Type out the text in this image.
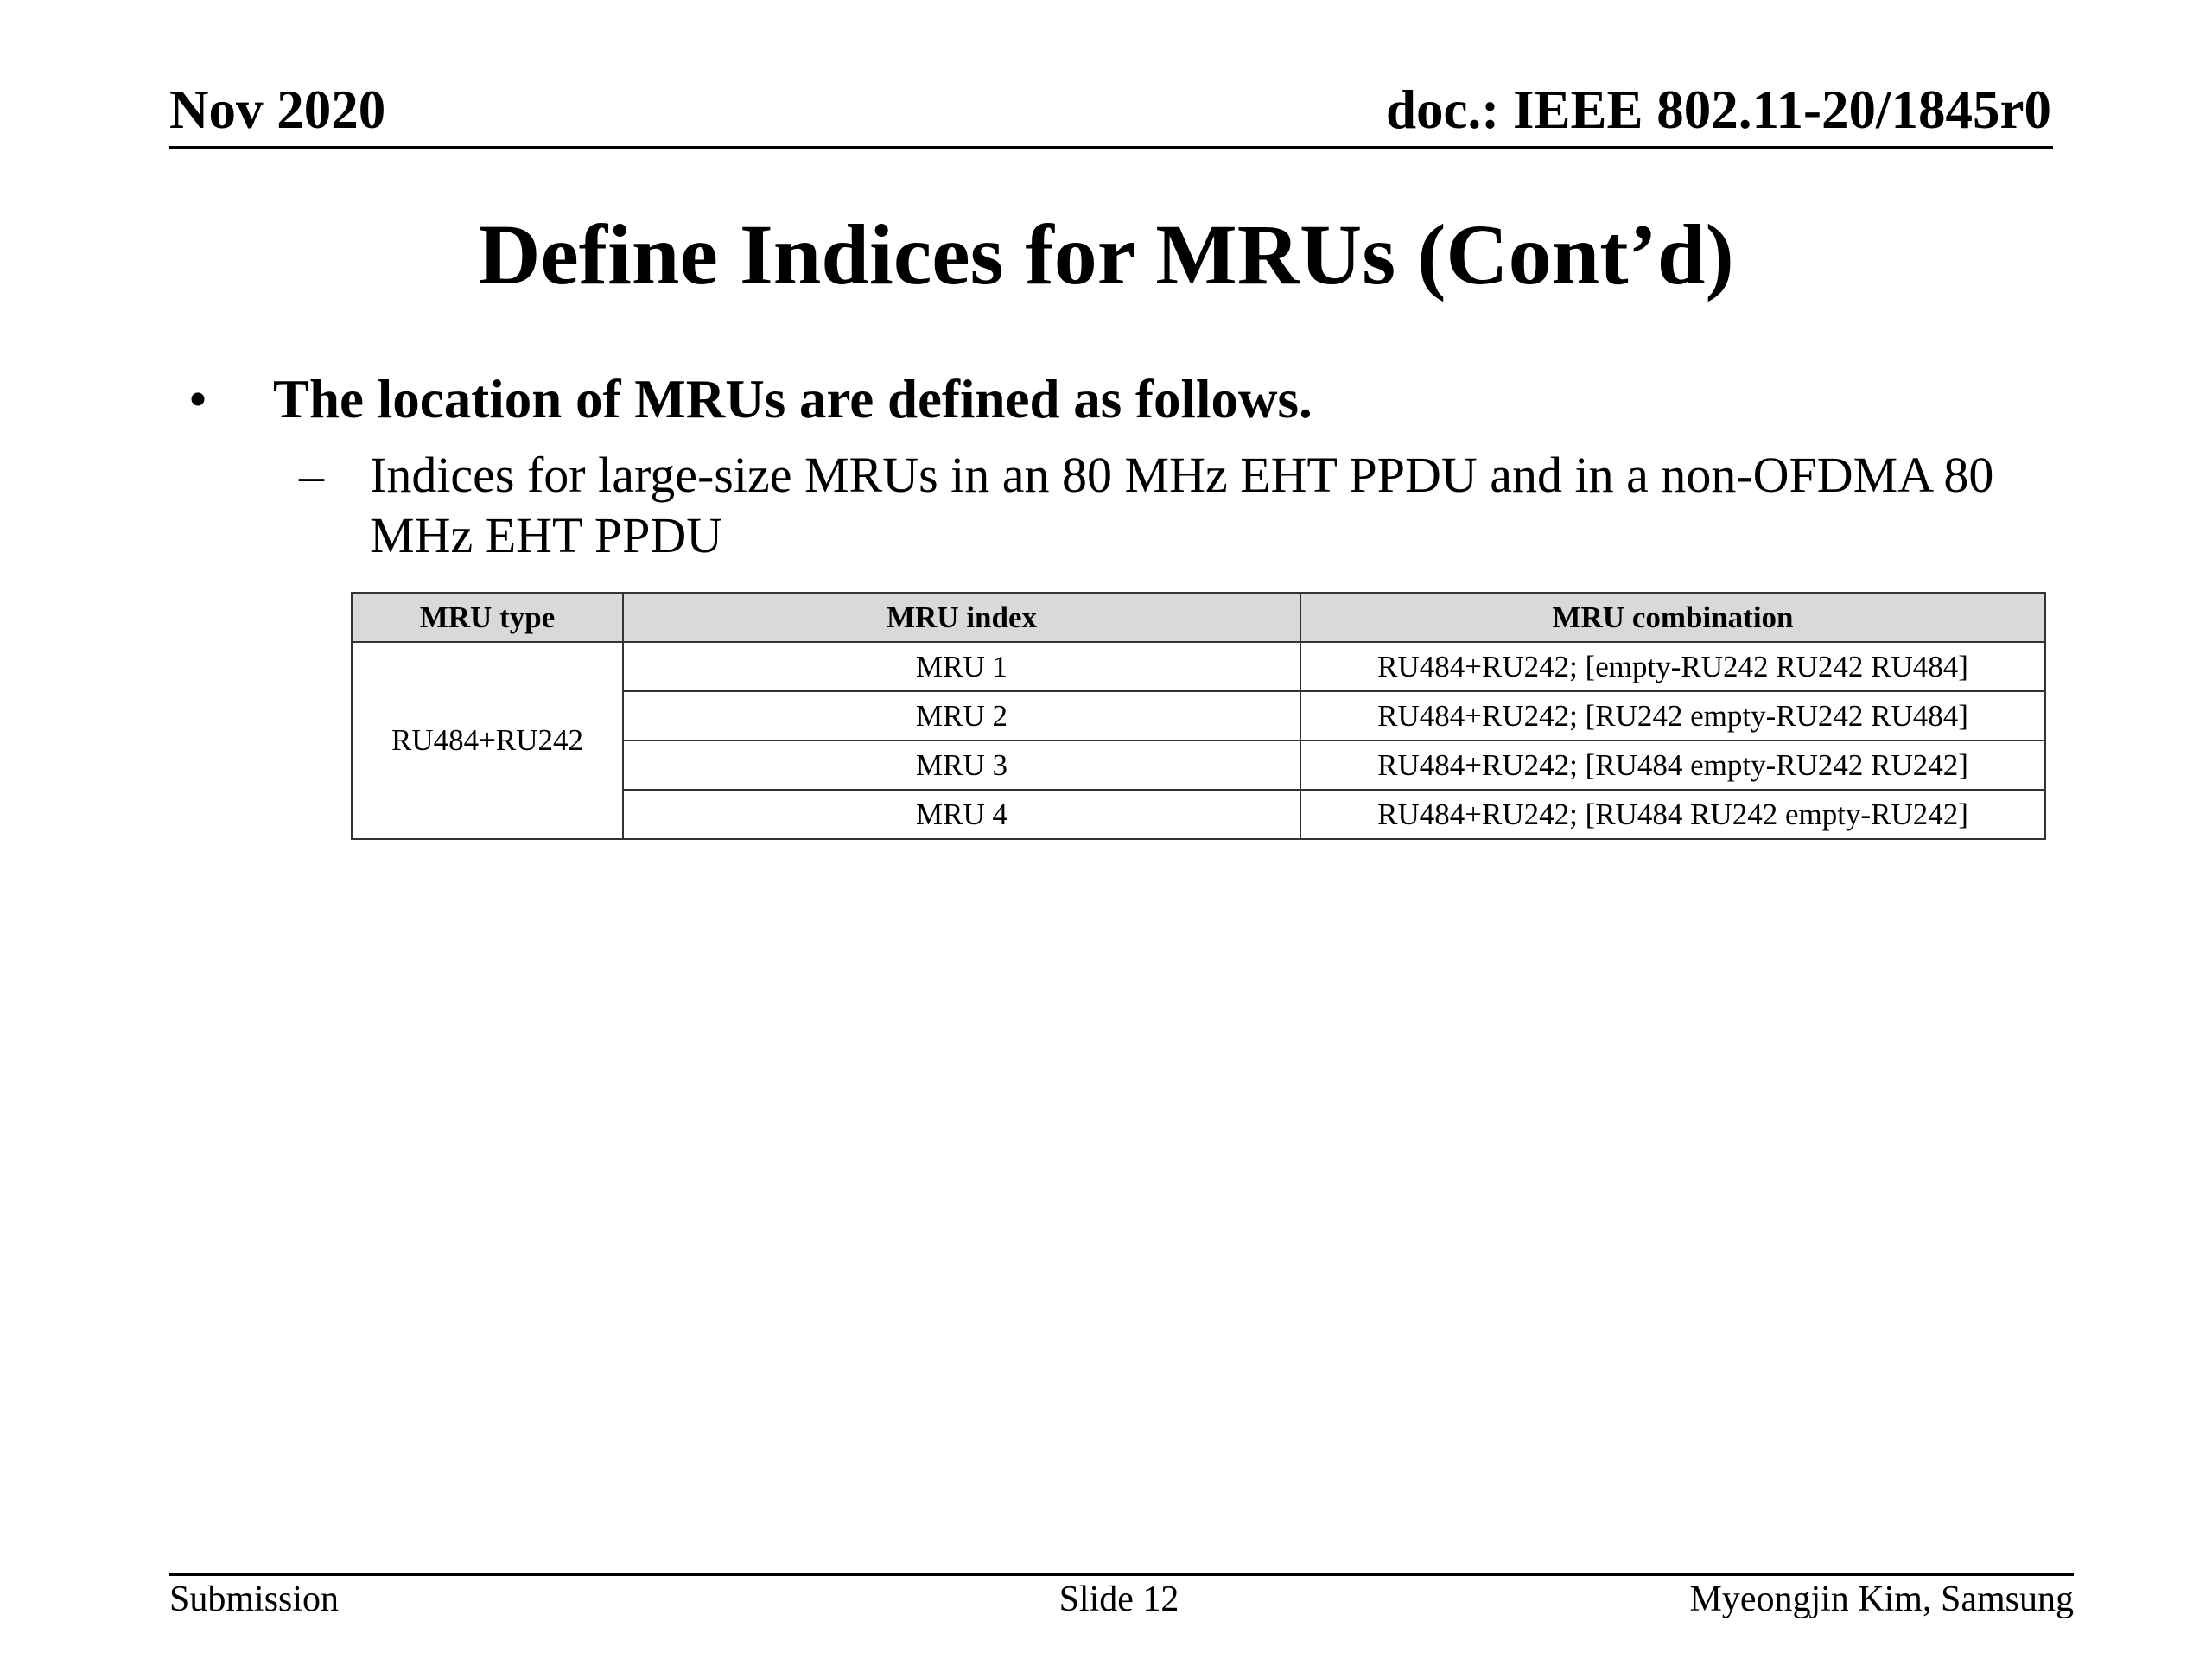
Nov 2020	doc.: IEEE 802.11-20/1845r0
Define Indices for MRUs (Cont’d)
• The location of MRUs are defined as follows.
– Indices for large-size MRUs in an 80 MHz EHT PPDU and in a non-OFDMA 80 MHz EHT PPDU
MRU type	MRU index	MRU combination
RU484+RU242	MRU 1	RU484+RU242; [empty-RU242 RU242 RU484]
	MRU 2	RU484+RU242; [RU242 empty-RU242 RU484]
	MRU 3	RU484+RU242; [RU484 empty-RU242 RU242]
	MRU 4	RU484+RU242; [RU484 RU242 empty-RU242]
Submission	Slide 12	Myeongjin Kim, Samsung
